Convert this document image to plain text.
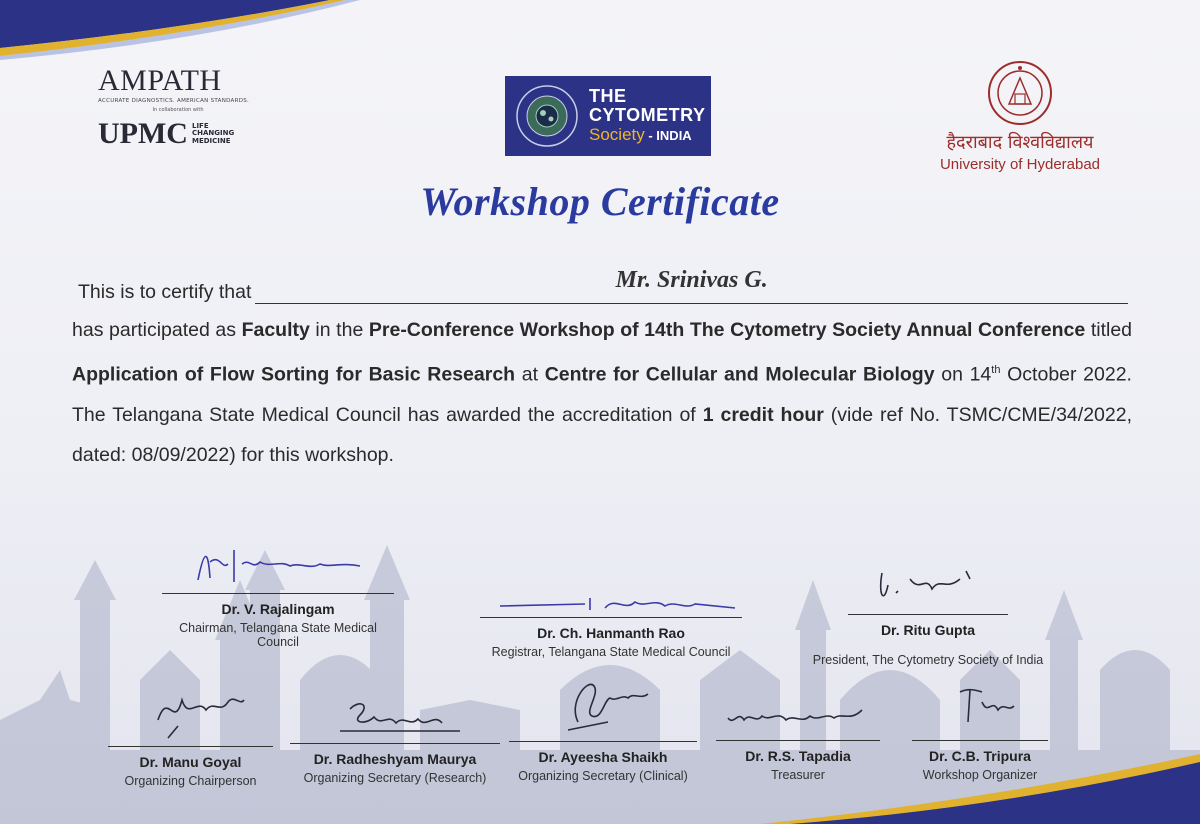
AMPATH
ACCURATE DIAGNOSTICS. AMERICAN STANDARDS.
In collaboration with
UPMC LIFE CHANGING MEDICINE
THE
CYTOMETRY
Society - INDIA	हैदराबाद विश्वविद्यालय
University of Hyderabad
Workshop Certificate
This is to certify that	Mr. Srinivas G.
has participated as Faculty in the Pre-Conference Workshop of 14th The Cytometry Society Annual Conference titled Application of Flow Sorting for Basic Research at Centre for Cellular and Molecular Biology on 14th October 2022. The Telangana State Medical Council has awarded the accreditation of 1 credit hour (vide ref No. TSMC/CME/34/2022, dated: 08/09/2022) for this workshop.
Dr. V. Rajalingam
Chairman, Telangana State Medical Council
Dr. Ch. Hanmanth Rao
Registrar, Telangana State Medical Council
Dr. Ritu Gupta
President, The Cytometry Society of India
Dr. Manu Goyal
Organizing Chairperson
Dr. Radheshyam Maurya
Organizing Secretary (Research)
Dr. Ayeesha Shaikh
Organizing Secretary (Clinical)
Dr. R.S. Tapadia
Treasurer
Dr. C.B. Tripura
Workshop Organizer
